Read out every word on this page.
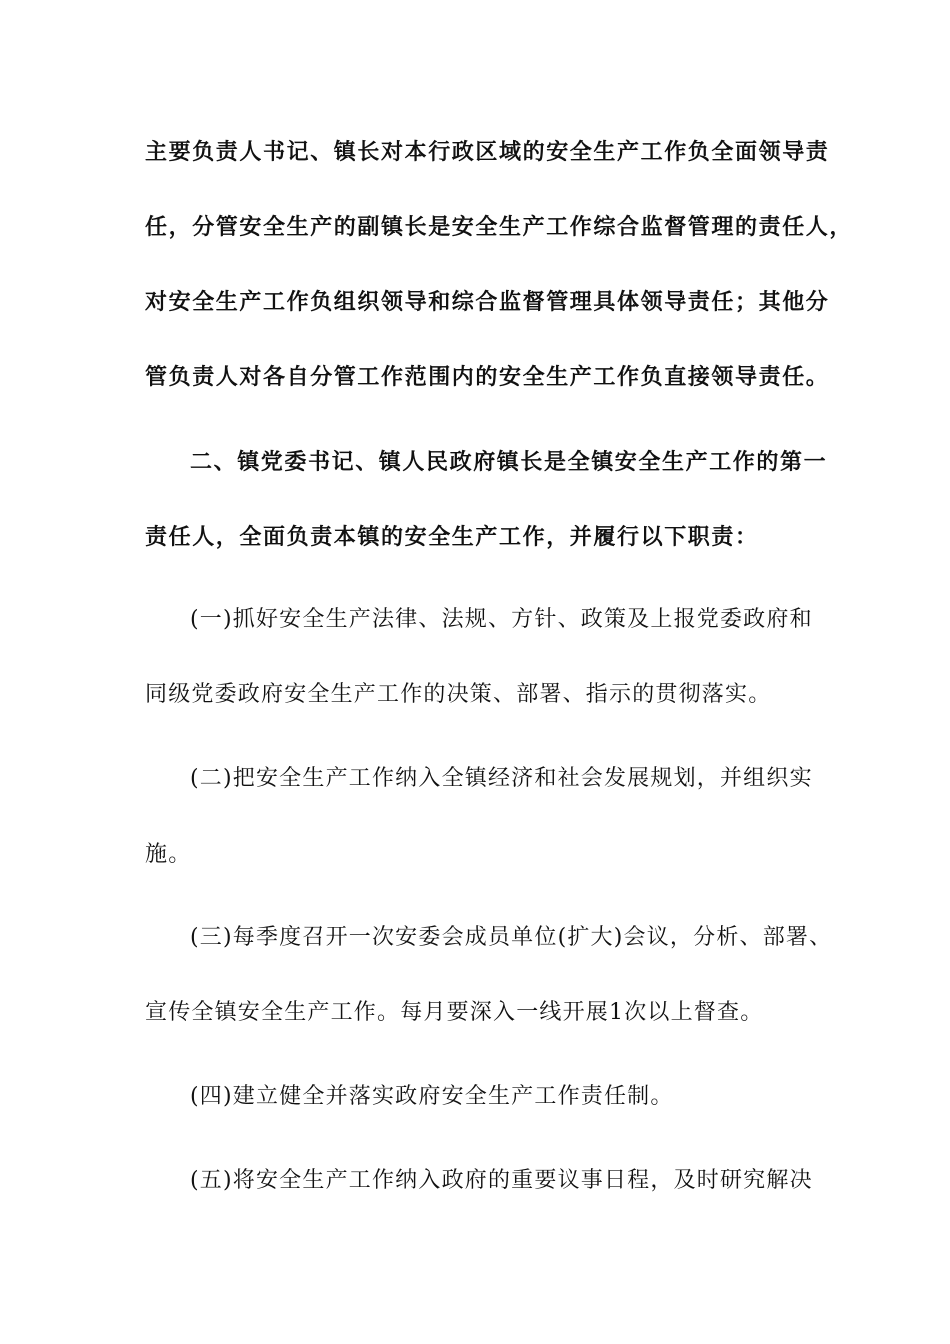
主要负责人书记、镇长对本行政区域的安全生产工作负全面领导责
任，分管安全生产的副镇长是安全生产工作综合监督管理的责任人，
对安全生产工作负组织领导和综合监督管理具体领导责任；其他分
管负责人对各自分管工作范围内的安全生产工作负直接领导责任。
二、镇党委书记、镇人民政府镇长是全镇安全生产工作的第一
责任人，全面负责本镇的安全生产工作，并履行以下职责：
(一)抓好安全生产法律、法规、方针、政策及上报党委政府和
同级党委政府安全生产工作的决策、部署、指示的贯彻落实。
(二)把安全生产工作纳入全镇经济和社会发展规划，并组织实
施。
(三)每季度召开一次安委会成员单位(扩大)会议，分析、部署、
宣传全镇安全生产工作。每月要深入一线开展1次以上督查。
(四)建立健全并落实政府安全生产工作责任制。
(五)将安全生产工作纳入政府的重要议事日程，及时研究解决
